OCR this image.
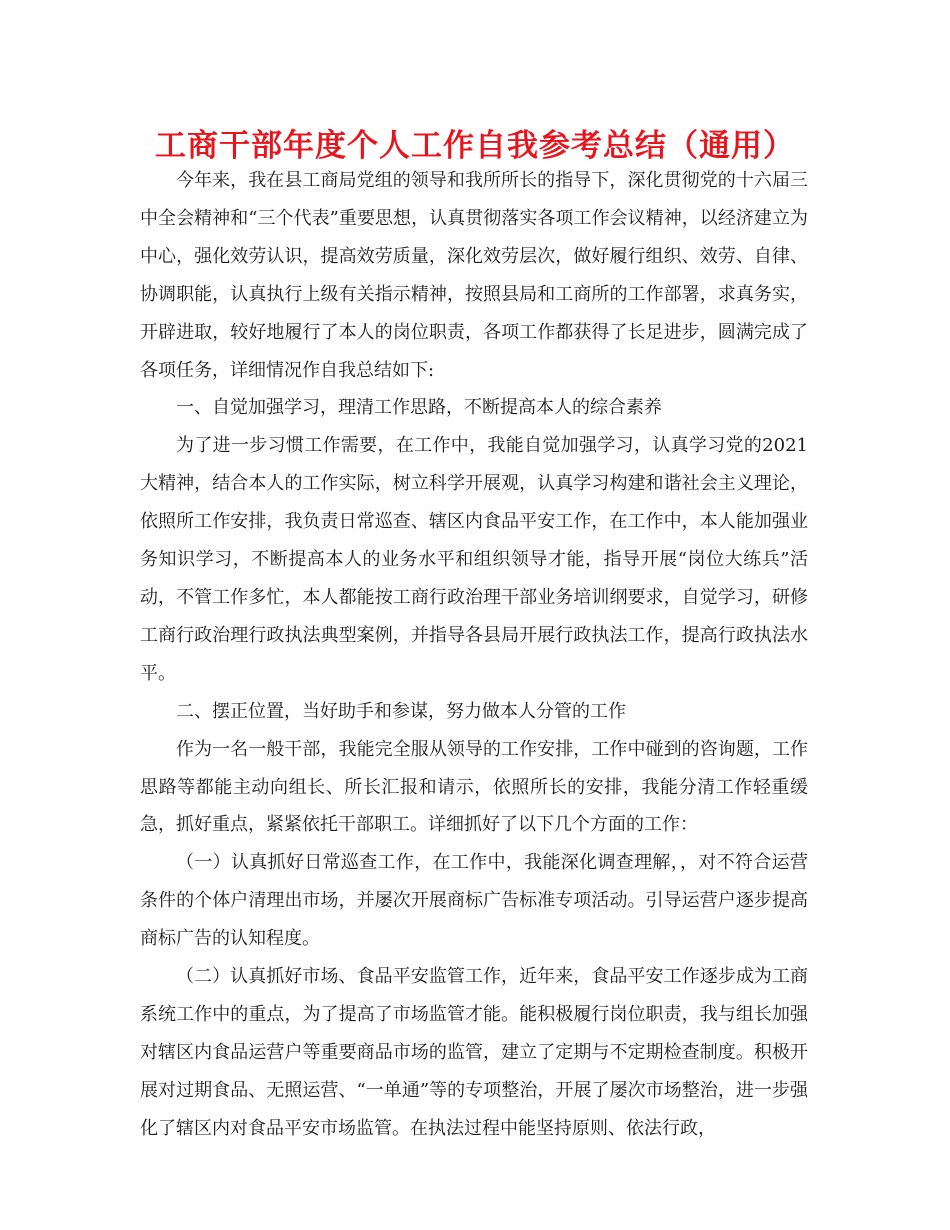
工商干部年度个人工作自我参考总结（通用）

今年来，我在县工商局党组的领导和我所所长的指导下，深化贯彻党的十六届三中全会精神和“三个代表”重要思想，认真贯彻落实各项工作会议精神，以经济建立为中心，强化效劳认识，提高效劳质量，深化效劳层次，做好履行组织、效劳、自律、协调职能，认真执行上级有关指示精神，按照县局和工商所的工作部署，求真务实，开辟进取，较好地履行了本人的岗位职责，各项工作都获得了长足进步，圆满完成了各项任务，详细情况作自我总结如下:

一、自觉加强学习，理清工作思路，不断提高本人的综合素养

为了进一步习惯工作需要，在工作中，我能自觉加强学习，认真学习党的2021大精神，结合本人的工作实际，树立科学开展观，认真学习构建和谐社会主义理论，依照所工作安排，我负责日常巡查、辖区内食品平安工作，在工作中，本人能加强业务知识学习，不断提高本人的业务水平和组织领导才能，指导开展“岗位大练兵”活动，不管工作多忙，本人都能按工商行政治理干部业务培训纲要求，自觉学习，研修工商行政治理行政执法典型案例，并指导各县局开展行政执法工作，提高行政执法水平。

二、摆正位置，当好助手和参谋，努力做本人分管的工作

作为一名一般干部，我能完全服从领导的工作安排，工作中碰到的咨询题，工作思路等都能主动向组长、所长汇报和请示，依照所长的安排，我能分清工作轻重缓急，抓好重点，紧紧依托干部职工。详细抓好了以下几个方面的工作：

（一）认真抓好日常巡查工作，在工作中，我能深化调查理解，，对不符合运营条件的个体户清理出市场，并屡次开展商标广告标准专项活动。引导运营户逐步提高商标广告的认知程度。

（二）认真抓好市场、食品平安监管工作，近年来，食品平安工作逐步成为工商系统工作中的重点，为了提高了市场监管才能。能积极履行岗位职责，我与组长加强对辖区内食品运营户等重要商品市场的监管，建立了定期与不定期检查制度。积极开展对过期食品、无照运营、“一单通”等的专项整治，开展了屡次市场整治，进一步强化了辖区内对食品平安市场监管。在执法过程中能坚持原则、依法行政，
